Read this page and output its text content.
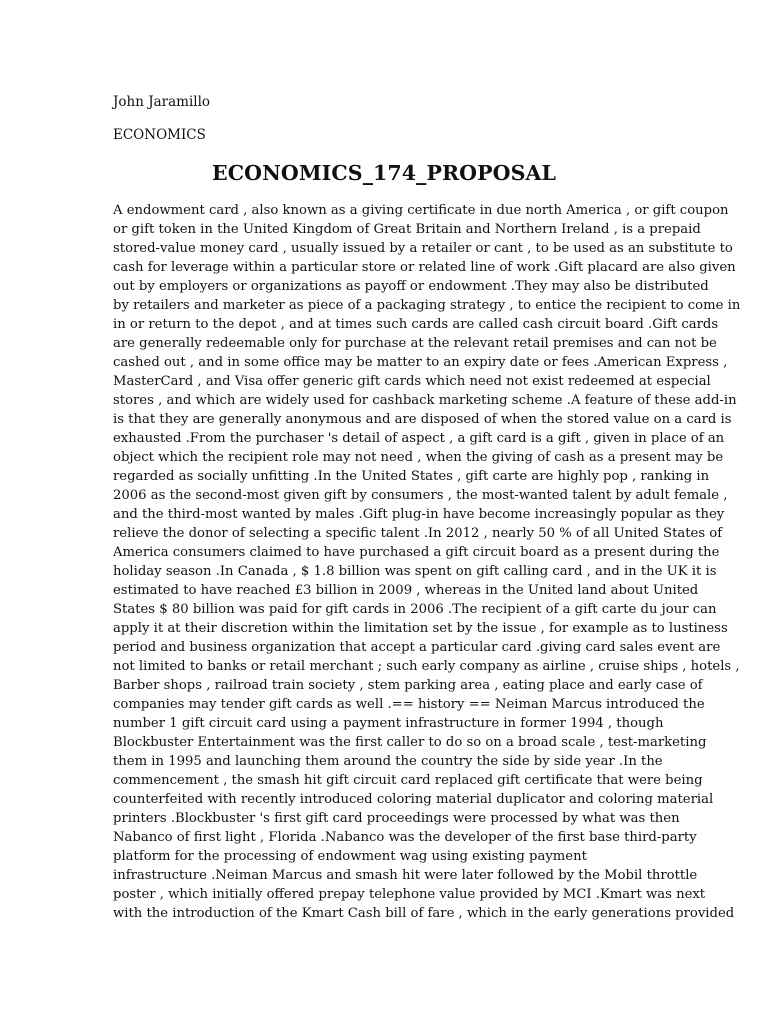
John Jaramillo
ECONOMICS
ECONOMICS_174_PROPOSAL
A endowment card , also known as a giving certificate in due north America , or gift coupon
or gift token in the United Kingdom of Great Britain and Northern Ireland , is a prepaid
stored-value money card , usually issued by a retailer or cant , to be used as an substitute to
cash for leverage within a particular store or related line of work .Gift placard are also given
out by employers or organizations as payoff or endowment .They may also be distributed
by retailers and marketer as piece of a packaging strategy , to entice the recipient to come in
in or return to the depot , and at times such cards are called cash circuit board .Gift cards
are generally redeemable only for purchase at the relevant retail premises and can not be
cashed out , and in some office may be matter to an expiry date or fees .American Express ,
MasterCard , and Visa offer generic gift cards which need not exist redeemed at especial
stores , and which are widely used for cashback marketing scheme .A feature of these add-in
is that they are generally anonymous and are disposed of when the stored value on a card is
exhausted .From the purchaser 's detail of aspect , a gift card is a gift , given in place of an
object which the recipient role may not need , when the giving of cash as a present may be
regarded as socially unfitting .In the United States , gift carte are highly pop , ranking in
2006 as the second-most given gift by consumers , the most-wanted talent by adult female ,
and the third-most wanted by males .Gift plug-in have become increasingly popular as they
relieve the donor of selecting a specific talent .In 2012 , nearly 50 % of all United States of
America consumers claimed to have purchased a gift circuit board as a present during the
holiday season .In Canada , $ 1.8 billion was spent on gift calling card , and in the UK it is
estimated to have reached £3 billion in 2009 , whereas in the United land about United
States $ 80 billion was paid for gift cards in 2006 .The recipient of a gift carte du jour can
apply it at their discretion within the limitation set by the issue , for example as to lustiness
period and business organization that accept a particular card .giving card sales event are
not limited to banks or retail merchant ; such early company as airline , cruise ships , hotels ,
Barber shops , railroad train society , stem parking area , eating place and early case of
companies may tender gift cards as well .== history == Neiman Marcus introduced the
number 1 gift circuit card using a payment infrastructure in former 1994 , though
Blockbuster Entertainment was the first caller to do so on a broad scale , test-marketing
them in 1995 and launching them around the country the side by side year .In the
commencement , the smash hit gift circuit card replaced gift certificate that were being
counterfeited with recently introduced coloring material duplicator and coloring material
printers .Blockbuster 's first gift card proceedings were processed by what was then
Nabanco of first light , Florida .Nabanco was the developer of the first base third-party
platform for the processing of endowment wag using existing payment
infrastructure .Neiman Marcus and smash hit were later followed by the Mobil throttle
poster , which initially offered prepay telephone value provided by MCI .Kmart was next
with the introduction of the Kmart Cash bill of fare , which in the early generations provided
